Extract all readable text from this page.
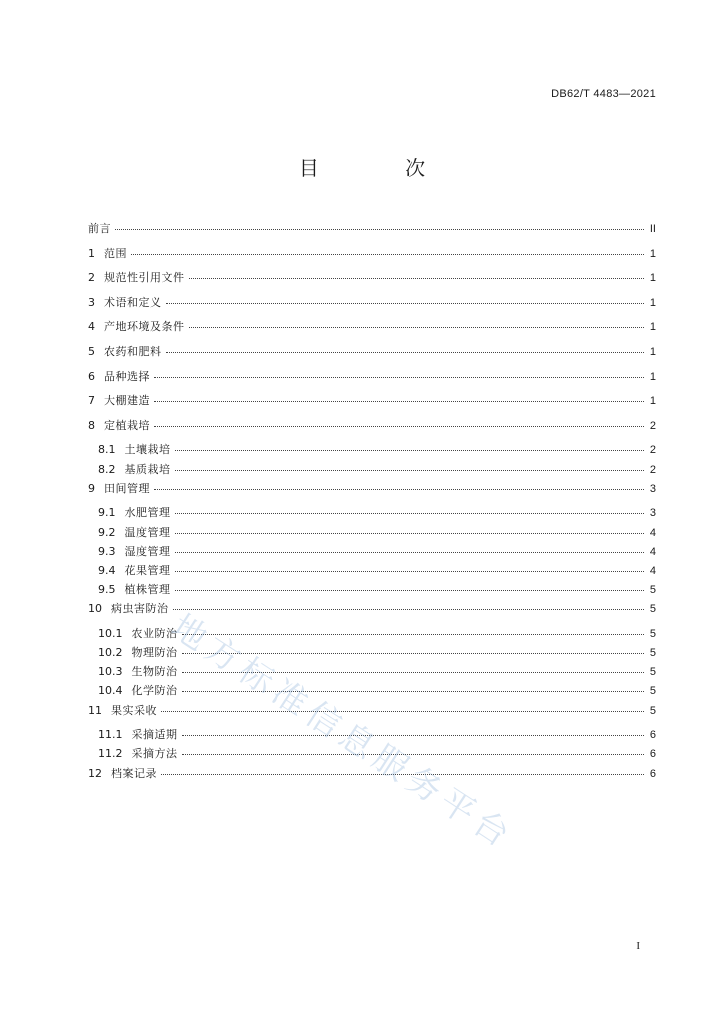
DB62/T 4483—2021
目 次
前言	II
1 范围	1
2 规范性引用文件	1
3 术语和定义	1
4 产地环境及条件	1
5 农药和肥料	1
6 品种选择	1
7 大棚建造	1
8 定植栽培	2
8.1 土壤栽培	2
8.2 基质栽培	2
9 田间管理	3
9.1 水肥管理	3
9.2 温度管理	4
9.3 湿度管理	4
9.4 花果管理	4
9.5 植株管理	5
10 病虫害防治	5
10.1 农业防治	5
10.2 物理防治	5
10.3 生物防治	5
10.4 化学防治	5
11 果实采收	5
11.1 采摘适期	6
11.2 采摘方法	6
12 档案记录	6
地方标准信息服务平台
I
